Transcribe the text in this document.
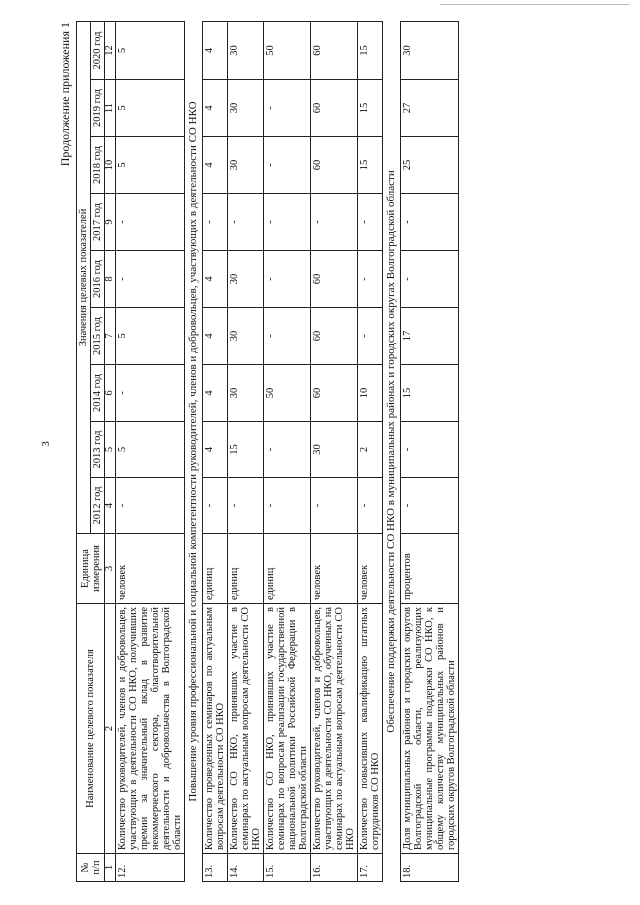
3
Продолжение приложения 1
№ п/п	Наименование целевого показателя	Единица измерения	Значения целевых показателей								
			2012 год	2013 год	2014 год	2015 год	2016 год	2017 год	2018 год	2019 год	2020 год
1	2	3	4	5	6	7	8	9	10	11	12
12.	Количество руководителей, членов и добровольцев, участвующих в деятельности СО НКО, получивших премии за значительный вклад в развитие некоммерческого сектора, благотворительной деятельности и добровольчества в Волгоградской области	человек	-	5	-	5	-	-	5	5	5
Повышение уровня профессиональной и социальной компетентности руководителей, членов и добровольцев, участвующих в деятельности СО НКО											
13.	Количество проведенных семинаров по актуальным вопросам деятельности СО НКО	единиц	-	4	4	4	4	-	4	4	4
14.	Количество СО НКО, принявших участие в семинарах по актуальным вопросам деятельности СО НКО	единиц	-	15	30	30	30	-	30	30	30
15.	Количество СО НКО, принявших участие в семинарах по вопросам реализации государственной национальной политики Российской Федерации в Волгоградской области	единиц	-	-	50	-	-	-	-	-	50
16.	Количество руководителей, членов и добровольцев, участвующих в деятельности СО НКО, обученных на семинарах по актуальным вопросам деятельности СО НКО	человек	-	30	60	60	60	-	60	60	60
17.	Количество повысивших квалификацию штатных сотрудников СО НКО	человек	-	2	10	-	-	-	15	15	15
Обеспечение поддержки деятельности СО НКО в муниципальных районах и городских округах Волгоградской области											
18.	Доля муниципальных районов и городских округов Волгоградской области, реализующих муниципальные программы поддержки СО НКО, к общему количеству муниципальных районов и городских округов Волгоградской области	процентов	-	-	15	17	-	-	25	27	30
